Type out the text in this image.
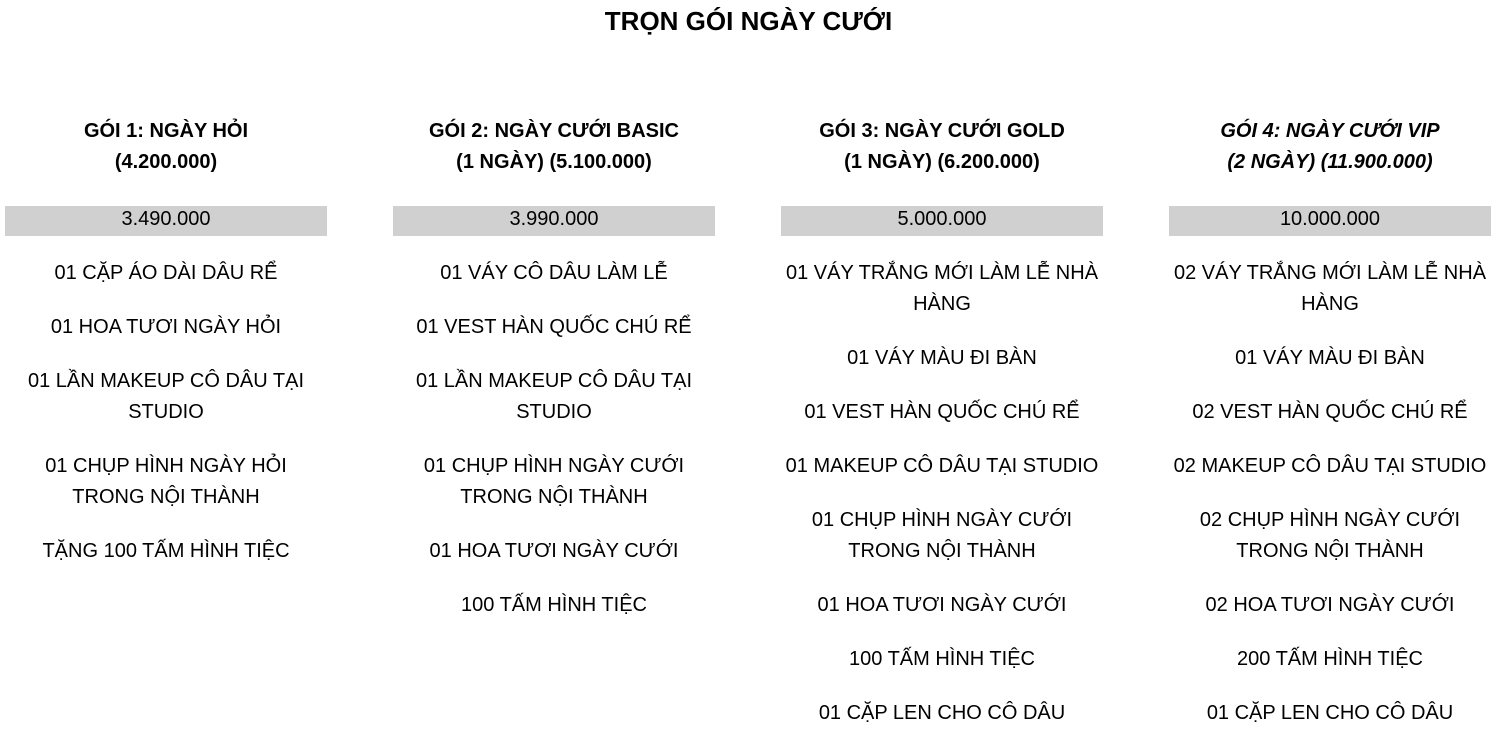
TRỌN GÓI NGÀY CƯỚI
GÓI 1: NGÀY HỎI
(4.200.000)
3.490.000
01 CẶP ÁO DÀI DÂU RỂ
01 HOA TƯƠI NGÀY HỎI
01 LẦN MAKEUP CÔ DÂU TẠI STUDIO
01 CHỤP HÌNH NGÀY HỎI TRONG NỘI THÀNH
TẶNG 100 TẤM HÌNH TIỆC
GÓI 2: NGÀY CƯỚI BASIC
(1 NGÀY) (5.100.000)
3.990.000
01 VÁY CÔ DÂU LÀM LỄ
01 VEST HÀN QUỐC CHÚ RỂ
01 LẦN MAKEUP CÔ DÂU TẠI STUDIO
01 CHỤP HÌNH NGÀY CƯỚI TRONG NỘI THÀNH
01 HOA TƯƠI NGÀY CƯỚI
100 TẤM HÌNH TIỆC
GÓI 3: NGÀY CƯỚI GOLD
(1 NGÀY) (6.200.000)
5.000.000
01 VÁY TRẮNG MỚI LÀM LỄ NHÀ HÀNG
01 VÁY MÀU ĐI BÀN
01 VEST HÀN QUỐC CHÚ RỂ
01 MAKEUP CÔ DÂU TẠI STUDIO
01 CHỤP HÌNH NGÀY CƯỚI TRONG NỘI THÀNH
01 HOA TƯƠI NGÀY CƯỚI
100 TẤM HÌNH TIỆC
01 CẶP LEN CHO CÔ DÂU
GÓI 4: NGÀY CƯỚI VIP
(2 NGÀY) (11.900.000)
10.000.000
02 VÁY TRẮNG MỚI LÀM LỄ NHÀ HÀNG
01 VÁY MÀU ĐI BÀN
02 VEST HÀN QUỐC CHÚ RỂ
02 MAKEUP CÔ DÂU TẠI STUDIO
02 CHỤP HÌNH NGÀY CƯỚI TRONG NỘI THÀNH
02 HOA TƯƠI NGÀY CƯỚI
200 TẤM HÌNH TIỆC
01 CẶP LEN CHO CÔ DÂU
